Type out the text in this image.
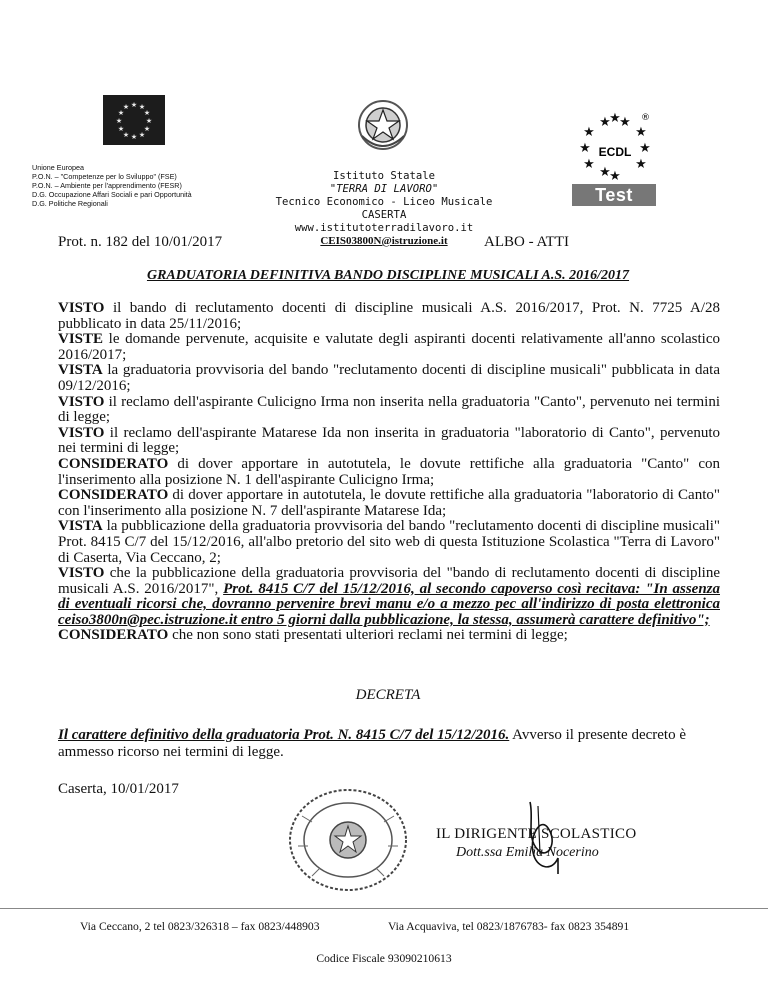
★ ★
★
★
★
★
★
★
★
★
★
★
Unione Europea
P.O.N. – "Competenze per lo Sviluppo" (FSE)
P.O.N. – Ambiente per l'apprendimento (FESR)
D.G. Occupazione Affari Sociali e pari Opportunità
D.G. Politiche Regionali
Istituto Statale
"TERRA DI LAVORO"
Tecnico Economico - Liceo Musicale
CASERTA
www.istitutoterradilavoro.it
CEIS03800N@istruzione.it
★
★
★
★	★
★	★
★	★
★
★
®
ECDL
Test Center
Prot. n. 182 del 10/01/2017	ALBO - ATTI
GRADUATORIA DEFINITIVA BANDO DISCIPLINE MUSICALI A.S. 2016/2017

VISTO il bando di reclutamento docenti di discipline musicali A.S. 2016/2017, Prot. N. 7725 A/28 pubblicato in data 25/11/2016;

VISTE le domande pervenute, acquisite e valutate degli aspiranti docenti relativamente all'anno scolastico 2016/2017;

VISTA la graduatoria provvisoria del bando "reclutamento docenti di discipline musicali" pubblicata in data 09/12/2016;

VISTO il reclamo dell'aspirante Culicigno Irma non inserita nella graduatoria "Canto", pervenuto nei termini di legge;

VISTO il reclamo dell'aspirante Matarese Ida non inserita in graduatoria "laboratorio di Canto", pervenuto nei termini di legge;

CONSIDERATO di dover apportare in autotutela, le dovute rettifiche alla graduatoria "Canto" con l'inserimento alla posizione N. 1 dell'aspirante Culicigno Irma;

CONSIDERATO di dover apportare in autotutela, le dovute rettifiche alla graduatoria "laboratorio di Canto" con l'inserimento alla posizione N. 7 dell'aspirante Matarese Ida;

VISTA la pubblicazione della graduatoria provvisoria del bando "reclutamento docenti di discipline musicali" Prot. 8415 C/7 del 15/12/2016, all'albo pretorio del sito web di questa Istituzione Scolastica "Terra di Lavoro" di Caserta, Via Ceccano, 2;

VISTO che la pubblicazione della graduatoria provvisoria del "bando di reclutamento docenti di discipline musicali A.S. 2016/2017", Prot. 8415 C/7 del 15/12/2016, al secondo capoverso così recitava: "In assenza di eventuali ricorsi che, dovranno pervenire brevi manu e/o a mezzo pec all'indirizzo di posta elettronica ceiso3800n@pec.istruzione.it entro 5 giorni dalla pubblicazione, la stessa, assumerà carattere definitivo";

CONSIDERATO che non sono stati presentati ulteriori reclami nei termini di legge;

DECRETA
Il carattere definitivo della graduatoria Prot. N. 8415 C/7 del 15/12/2016. Avverso il presente decreto è ammesso ricorso nei termini di legge.
Caserta, 10/01/2017
IL DIRIGENTE SCOLASTICO
Dott.ssa Emilia Nocerino
Via Ceccano, 2 tel 0823/326318 – fax 0823/448903	Via Acquaviva, tel 0823/1876783- fax 0823 354891
Codice Fiscale 93090210613
